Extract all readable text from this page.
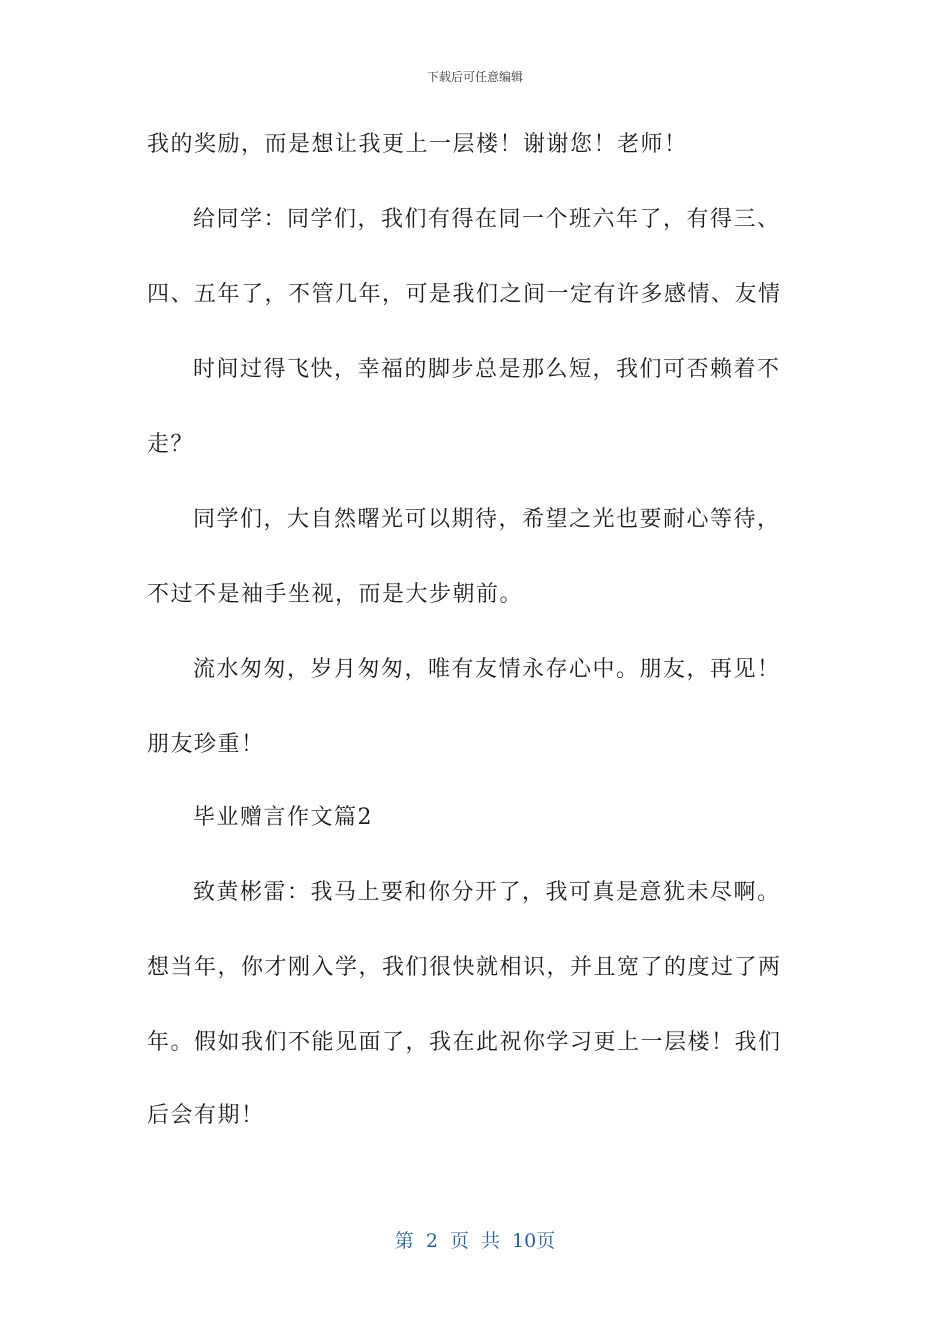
下载后可任意编辑
我的奖励，而是想让我更上一层楼！谢谢您！老师！
给同学：同学们，我们有得在同一个班六年了，有得三、
四、五年了，不管几年，可是我们之间一定有许多感情、友情
时间过得飞快，幸福的脚步总是那么短，我们可否赖着不
走？
同学们，大自然曙光可以期待，希望之光也要耐心等待，
不过不是袖手坐视，而是大步朝前。
流水匆匆，岁月匆匆，唯有友情永存心中。朋友，再见！
朋友珍重！
毕业赠言作文篇2
致黄彬雷：我马上要和你分开了，我可真是意犹未尽啊。
想当年，你才刚入学，我们很快就相识，并且宽了的度过了两
年。假如我们不能见面了，我在此祝你学习更上一层楼！我们
后会有期！
第 2 页 共 10页
